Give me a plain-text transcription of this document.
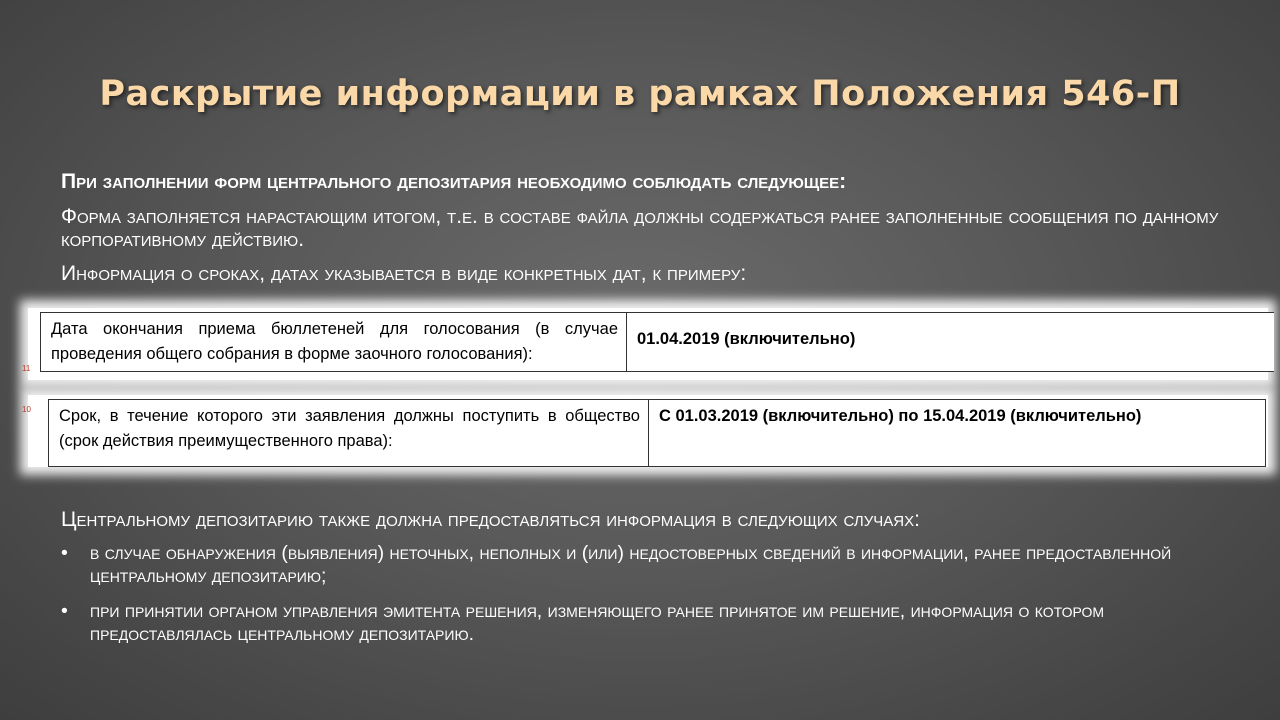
Раскрытие информации в рамках Положения 546-П

При заполнении форм центрального депозитария необходимо соблюдать следующее:

Форма заполняется нарастающим итогом, т.е. в составе файла должны содержаться ранее заполненные сообщения по данному корпоративному действию.

Информация о сроках, датах указывается в виде конкретных дат, к примеру:

Дата окончания приема бюллетеней для голосования (в случае проведения общего собрания в форме заочного голосования):
01.04.2019 (включительно)
11
Срок, в течение которого эти заявления должны поступить в общество (срок действия преимущественного права):
С 01.03.2019 (включительно) по 15.04.2019 (включительно)
10

Центральному депозитарию также должна предоставляться информация в следующих случаях:

• в случае обнаружения (выявления) неточных, неполных и (или) недостоверных сведений в информации, ранее предоставленной центральному депозитарию;
• при принятии органом управления эмитента решения, изменяющего ранее принятое им решение, информация о котором предоставлялась центральному депозитарию.
